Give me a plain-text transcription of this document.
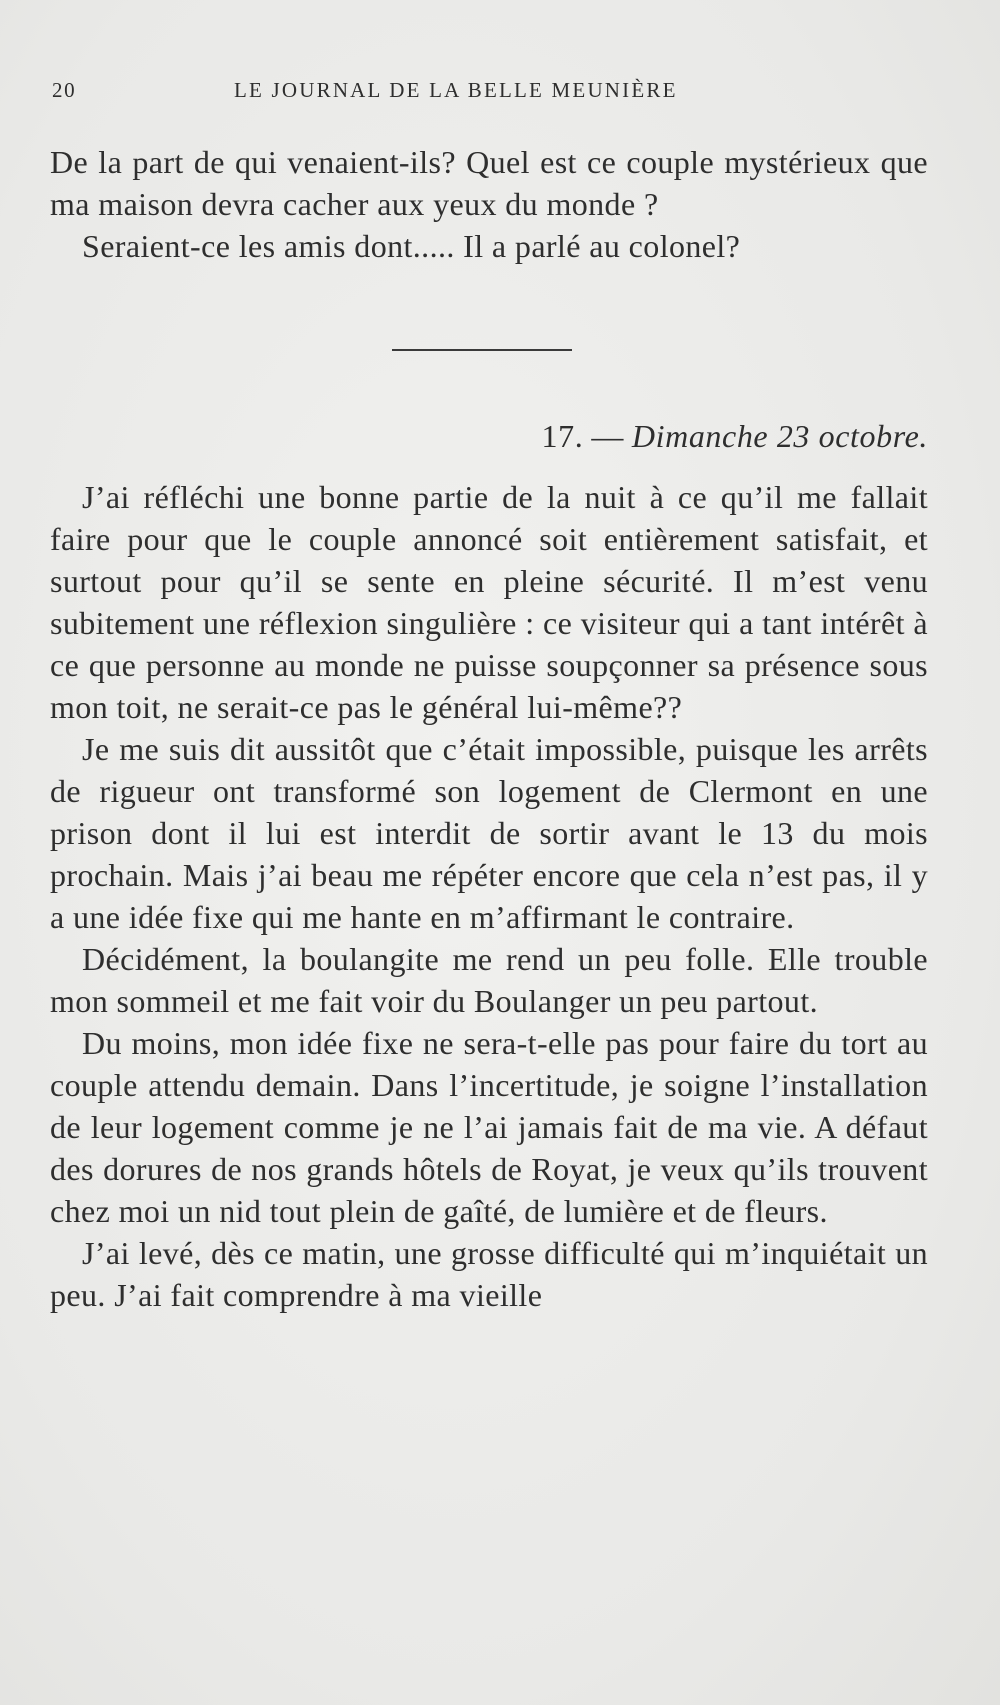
20	LE JOURNAL DE LA BELLE MEUNIÈRE

De la part de qui venaient-ils? Quel est ce couple mystérieux que ma maison devra cacher aux yeux du monde ?

Seraient-ce les amis dont..... Il a parlé au colonel?

17. — Dimanche 23 octobre.

J’ai réfléchi une bonne partie de la nuit à ce qu’il me fallait faire pour que le couple annoncé soit entièrement satisfait, et surtout pour qu’il se sente en pleine sécurité. Il m’est venu subitement une réflexion singulière : ce visiteur qui a tant intérêt à ce que personne au monde ne puisse soupçonner sa présence sous mon toit, ne serait-ce pas le général lui-même??

Je me suis dit aussitôt que c’était impossible, puisque les arrêts de rigueur ont transformé son logement de Clermont en une prison dont il lui est interdit de sortir avant le 13 du mois prochain. Mais j’ai beau me répéter encore que cela n’est pas, il y a une idée fixe qui me hante en m’affirmant le contraire.

Décidément, la boulangite me rend un peu folle. Elle trouble mon sommeil et me fait voir du Boulanger un peu partout.

Du moins, mon idée fixe ne sera-t-elle pas pour faire du tort au couple attendu demain. Dans l’incertitude, je soigne l’installation de leur logement comme je ne l’ai jamais fait de ma vie. A défaut des dorures de nos grands hôtels de Royat, je veux qu’ils trouvent chez moi un nid tout plein de gaîté, de lumière et de fleurs.

J’ai levé, dès ce matin, une grosse difficulté qui m’inquiétait un peu. J’ai fait comprendre à ma vieille
